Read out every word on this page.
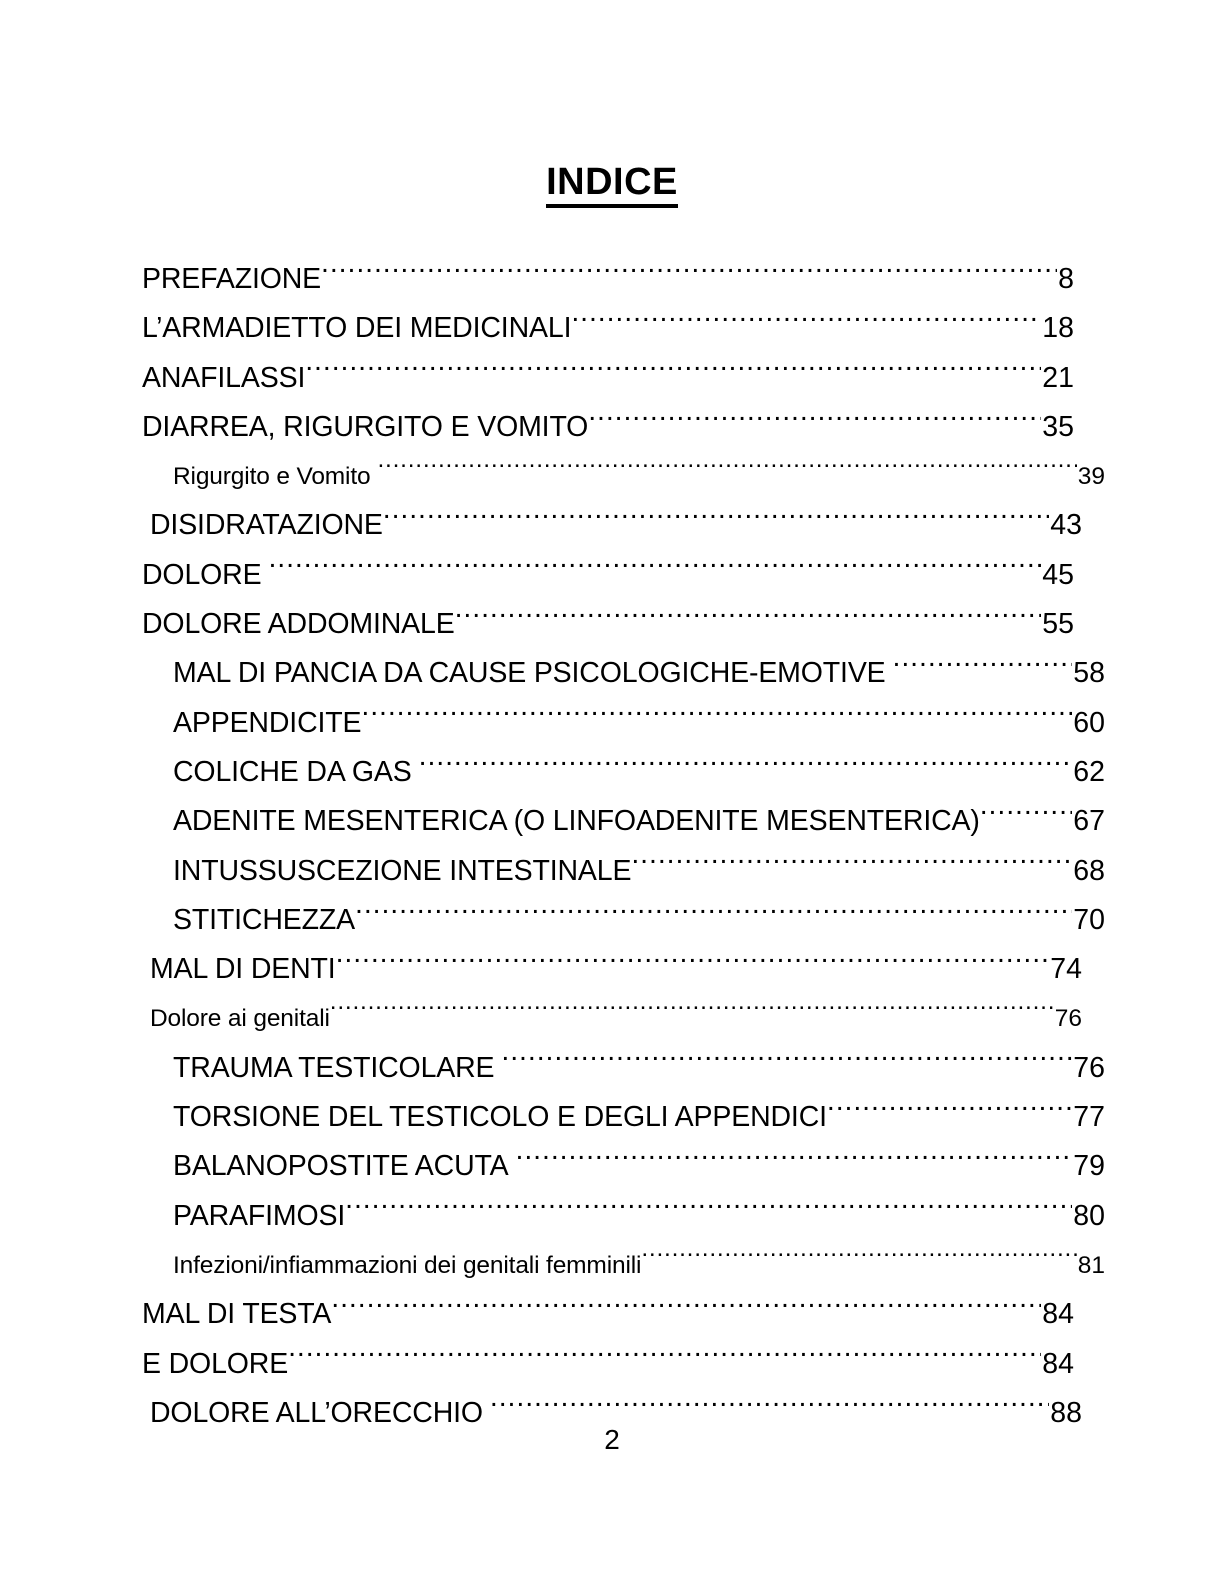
INDICE
PREFAZIONE .....	8
L’ARMADIETTO DEI MEDICINALI .....	18
ANAFILASSI .....	21
DIARREA, RIGURGITO E VOMITO .....	35
Rigurgito e Vomito .....	39
DISIDRATAZIONE .....	43
DOLORE .....	45
DOLORE ADDOMINALE .....	55
MAL DI PANCIA DA CAUSE PSICOLOGICHE-EMOTIVE .....	58
APPENDICITE .....	60
COLICHE DA GAS .....	62
ADENITE MESENTERICA (O LINFOADENITE MESENTERICA) .....	67
INTUSSUSCEZIONE INTESTINALE .....	68
STITICHEZZA .....	70
MAL DI DENTI .....	74
Dolore ai genitali .....	76
TRAUMA TESTICOLARE .....	76
TORSIONE DEL TESTICOLO E DEGLI APPENDICI .....	77
BALANOPOSTITE ACUTA .....	79
PARAFIMOSI .....	80
Infezioni/infiammazioni dei genitali femminili .....	81
MAL DI TESTA .....	84
E DOLORE .....	84
DOLORE ALL’ORECCHIO .....	88
2
